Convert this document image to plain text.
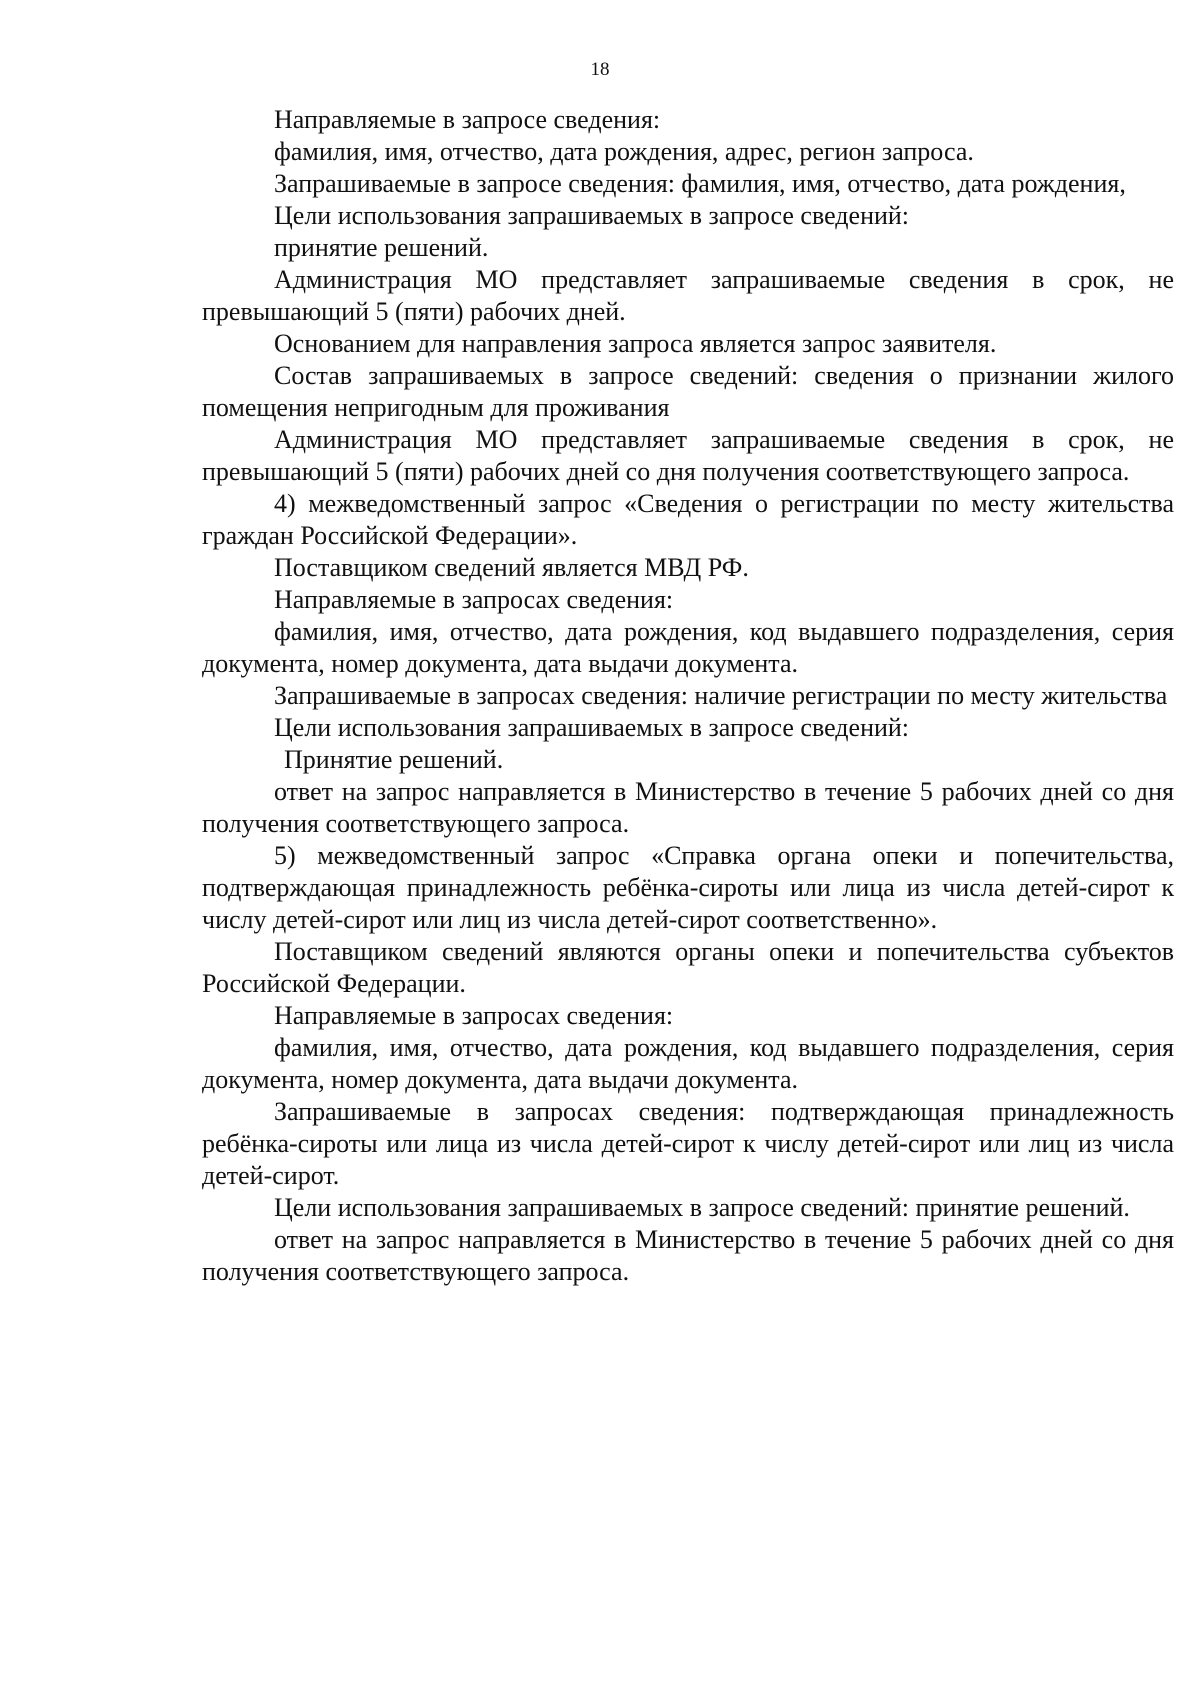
18

Направляемые в запросе сведения:

фамилия, имя, отчество, дата рождения, адрес, регион запроса.

Запрашиваемые в запросе сведения: фамилия, имя, отчество, дата рождения,

Цели использования запрашиваемых в запросе сведений:

принятие решений.

Администрация МО представляет запрашиваемые сведения в срок, не превышающий 5 (пяти) рабочих дней.

Основанием для направления запроса является запрос заявителя.

Состав запрашиваемых в запросе сведений: сведения о признании жилого помещения непригодным для проживания

Администрация МО представляет запрашиваемые сведения в срок, не превышающий 5 (пяти) рабочих дней со дня получения соответствующего запроса.

4) межведомственный запрос «Сведения о регистрации по месту жительства граждан Российской Федерации».

Поставщиком сведений является МВД РФ.

Направляемые в запросах сведения:

фамилия, имя, отчество, дата рождения, код выдавшего подразделения, серия документа, номер документа, дата выдачи документа.

Запрашиваемые в запросах сведения: наличие регистрации по месту жительства

Цели использования запрашиваемых в запросе сведений:

Принятие решений.

ответ на запрос направляется в Министерство в течение 5 рабочих дней со дня получения соответствующего запроса.

5) межведомственный запрос «Справка органа опеки и попечительства, подтверждающая принадлежность ребёнка-сироты или лица из числа детей-сирот к числу детей-сирот или лиц из числа детей-сирот соответственно».

Поставщиком сведений являются органы опеки и попечительства субъектов Российской Федерации.

Направляемые в запросах сведения:

фамилия, имя, отчество, дата рождения, код выдавшего подразделения, серия документа, номер документа, дата выдачи документа.

Запрашиваемые в запросах сведения: подтверждающая принадлежность ребёнка-сироты или лица из числа детей-сирот к числу детей-сирот или лиц из числа детей-сирот.

Цели использования запрашиваемых в запросе сведений: принятие решений.

ответ на запрос направляется в Министерство в течение 5 рабочих дней со дня получения соответствующего запроса.
